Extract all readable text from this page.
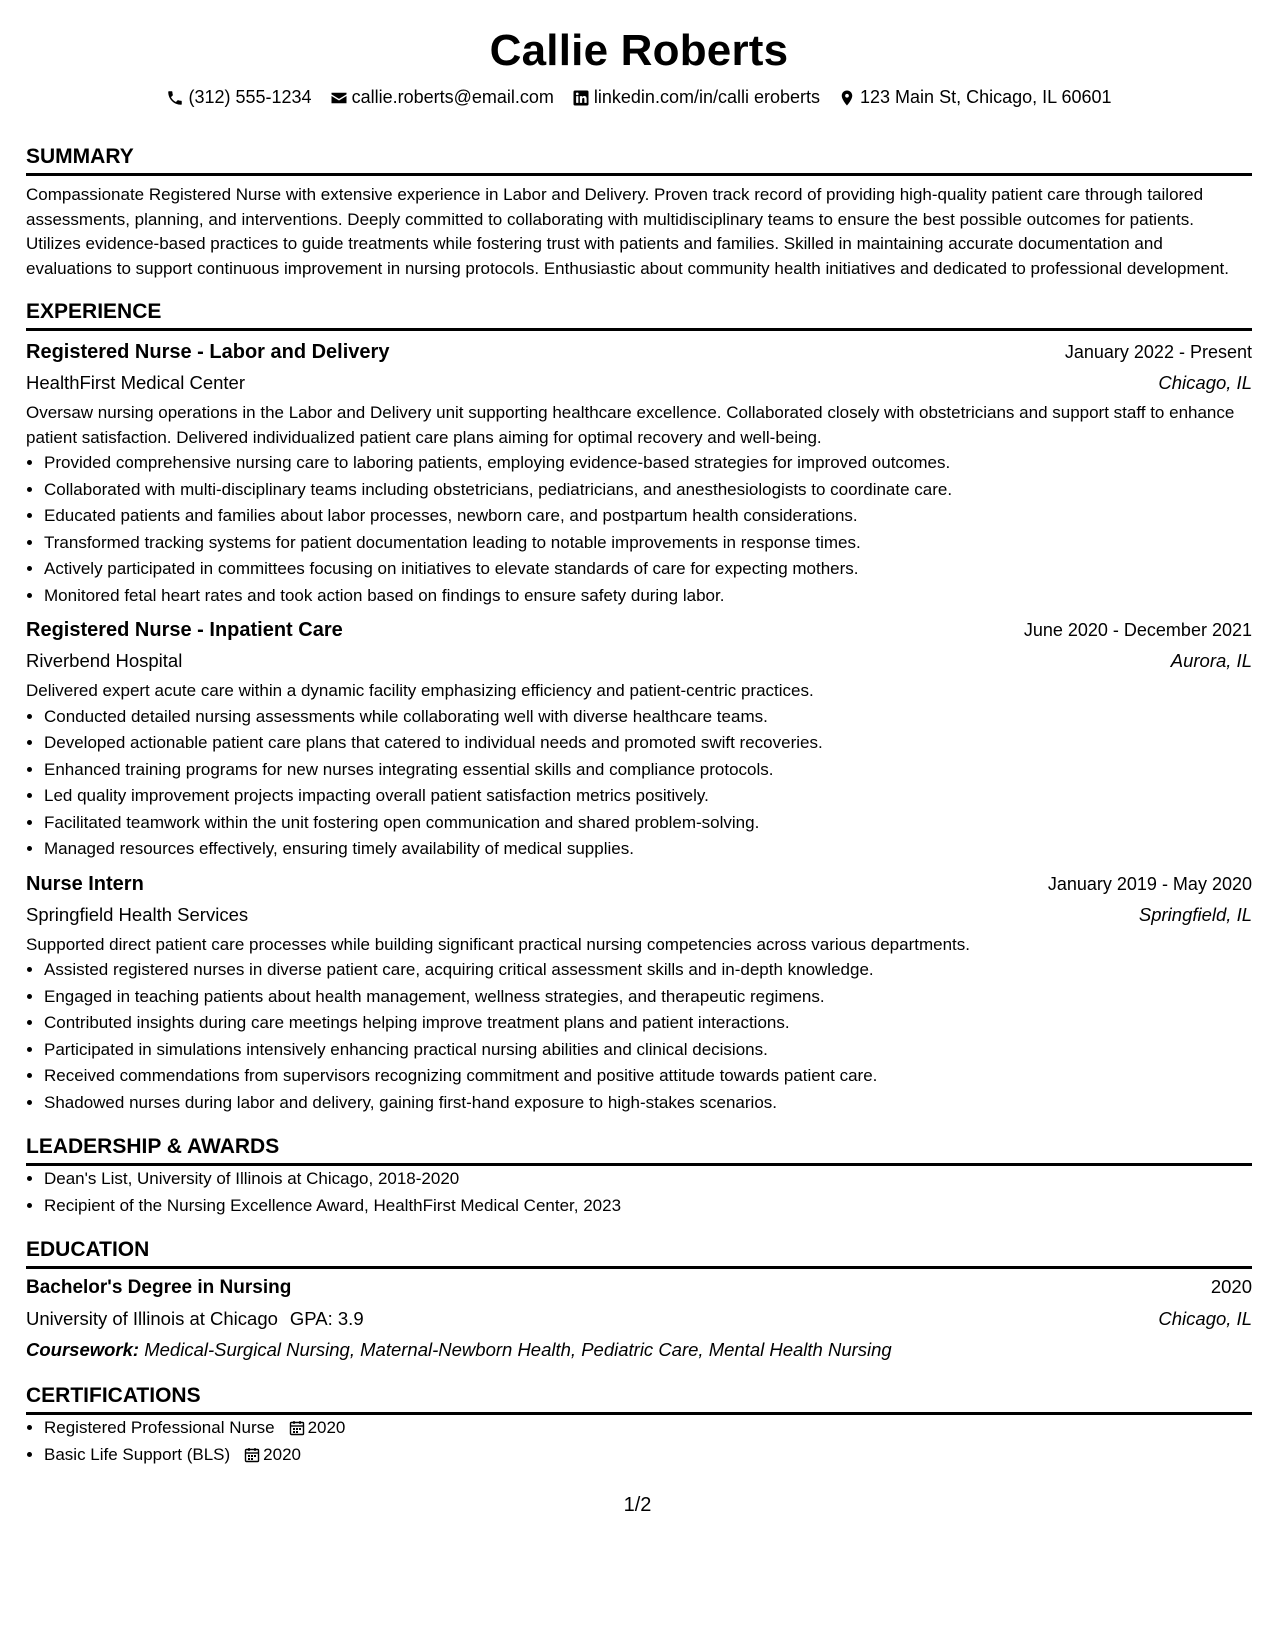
Callie Roberts
(312) 555-1234 callie.roberts@email.com linkedin.com/in/calli eroberts 123 Main St, Chicago, IL 60601
SUMMARY
Compassionate Registered Nurse with extensive experience in Labor and Delivery. Proven track record of providing high-quality patient care through tailored assessments, planning, and interventions. Deeply committed to collaborating with multidisciplinary teams to ensure the best possible outcomes for patients. Utilizes evidence-based practices to guide treatments while fostering trust with patients and families. Skilled in maintaining accurate documentation and evaluations to support continuous improvement in nursing protocols. Enthusiastic about community health initiatives and dedicated to professional development.
EXPERIENCE
Registered Nurse - Labor and Delivery	January 2022 - Present
HealthFirst Medical Center	Chicago, IL
Oversaw nursing operations in the Labor and Delivery unit supporting healthcare excellence. Collaborated closely with obstetricians and support staff to enhance patient satisfaction. Delivered individualized patient care plans aiming for optimal recovery and well-being.
• Provided comprehensive nursing care to laboring patients, employing evidence-based strategies for improved outcomes.
• Collaborated with multi-disciplinary teams including obstetricians, pediatricians, and anesthesiologists to coordinate care.
• Educated patients and families about labor processes, newborn care, and postpartum health considerations.
• Transformed tracking systems for patient documentation leading to notable improvements in response times.
• Actively participated in committees focusing on initiatives to elevate standards of care for expecting mothers.
• Monitored fetal heart rates and took action based on findings to ensure safety during labor.
Registered Nurse - Inpatient Care	June 2020 - December 2021
Riverbend Hospital	Aurora, IL
Delivered expert acute care within a dynamic facility emphasizing efficiency and patient-centric practices.
• Conducted detailed nursing assessments while collaborating well with diverse healthcare teams.
• Developed actionable patient care plans that catered to individual needs and promoted swift recoveries.
• Enhanced training programs for new nurses integrating essential skills and compliance protocols.
• Led quality improvement projects impacting overall patient satisfaction metrics positively.
• Facilitated teamwork within the unit fostering open communication and shared problem-solving.
• Managed resources effectively, ensuring timely availability of medical supplies.
Nurse Intern	January 2019 - May 2020
Springfield Health Services	Springfield, IL
Supported direct patient care processes while building significant practical nursing competencies across various departments.
• Assisted registered nurses in diverse patient care, acquiring critical assessment skills and in-depth knowledge.
• Engaged in teaching patients about health management, wellness strategies, and therapeutic regimens.
• Contributed insights during care meetings helping improve treatment plans and patient interactions.
• Participated in simulations intensively enhancing practical nursing abilities and clinical decisions.
• Received commendations from supervisors recognizing commitment and positive attitude towards patient care.
• Shadowed nurses during labor and delivery, gaining first-hand exposure to high-stakes scenarios.
LEADERSHIP & AWARDS
• Dean's List, University of Illinois at Chicago, 2018-2020
• Recipient of the Nursing Excellence Award, HealthFirst Medical Center, 2023
EDUCATION
Bachelor's Degree in Nursing	2020
University of Illinois at Chicago GPA: 3.9	Chicago, IL
Coursework: Medical-Surgical Nursing, Maternal-Newborn Health, Pediatric Care, Mental Health Nursing
CERTIFICATIONS
• Registered Professional Nurse 2020
• Basic Life Support (BLS) 2020
1/2
